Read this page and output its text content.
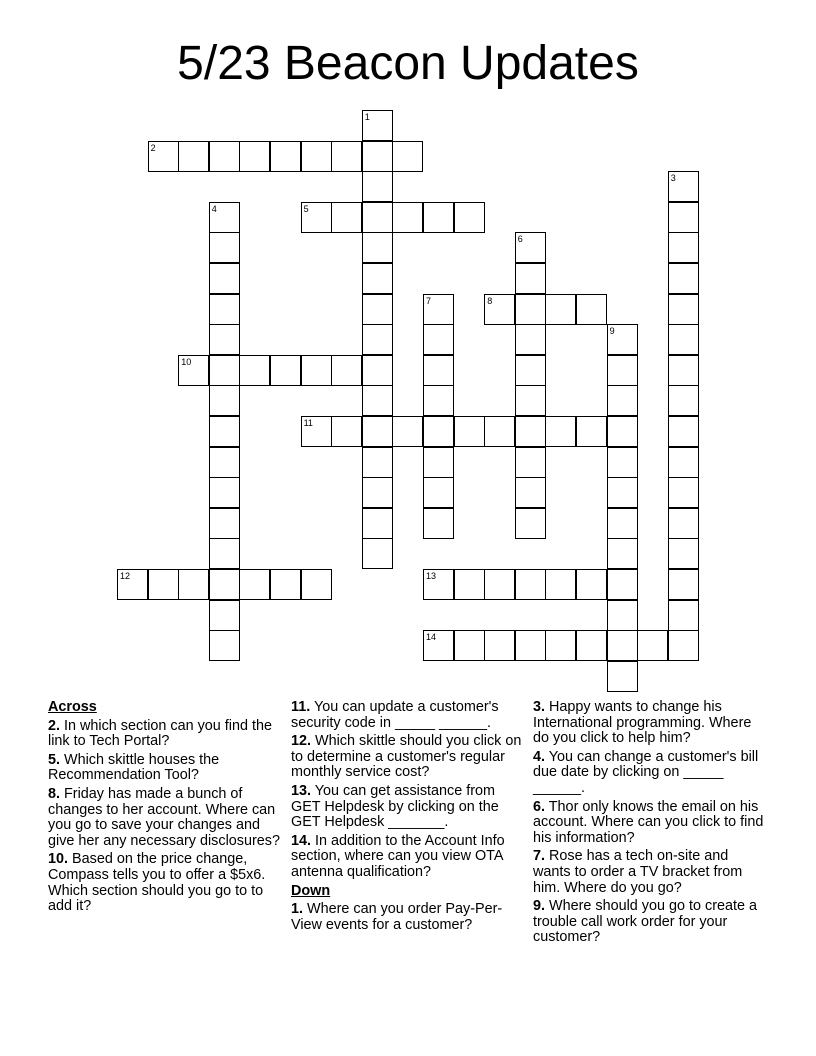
5/23 Beacon Updates
1
2
3
4	5
6
7	8
9
10
11
12	13
14
Across
2. In which section can you find the link to Tech Portal?
5. Which skittle houses the Recommendation Tool?
8. Friday has made a bunch of changes to her account. Where can you go to save your changes and give her any necessary disclosures?
10. Based on the price change, Compass tells you to offer a $5x6. Which section should you go to to add it?
11. You can update a customer's security code in _____ ______.
12. Which skittle should you click on to determine a customer's regular monthly service cost?
13. You can get assistance from GET Helpdesk by clicking on the GET Helpdesk _______.
14. In addition to the Account Info section, where can you view OTA antenna qualification?
Down
1. Where can you order Pay-Per-View events for a customer?
3. Happy wants to change his International programming. Where do you click to help him?
4. You can change a customer's bill due date by clicking on _____ ______.
6. Thor only knows the email on his account. Where can you click to find his information?
7. Rose has a tech on-site and wants to order a TV bracket from him. Where do you go?
9. Where should you go to create a trouble call work order for your customer?
